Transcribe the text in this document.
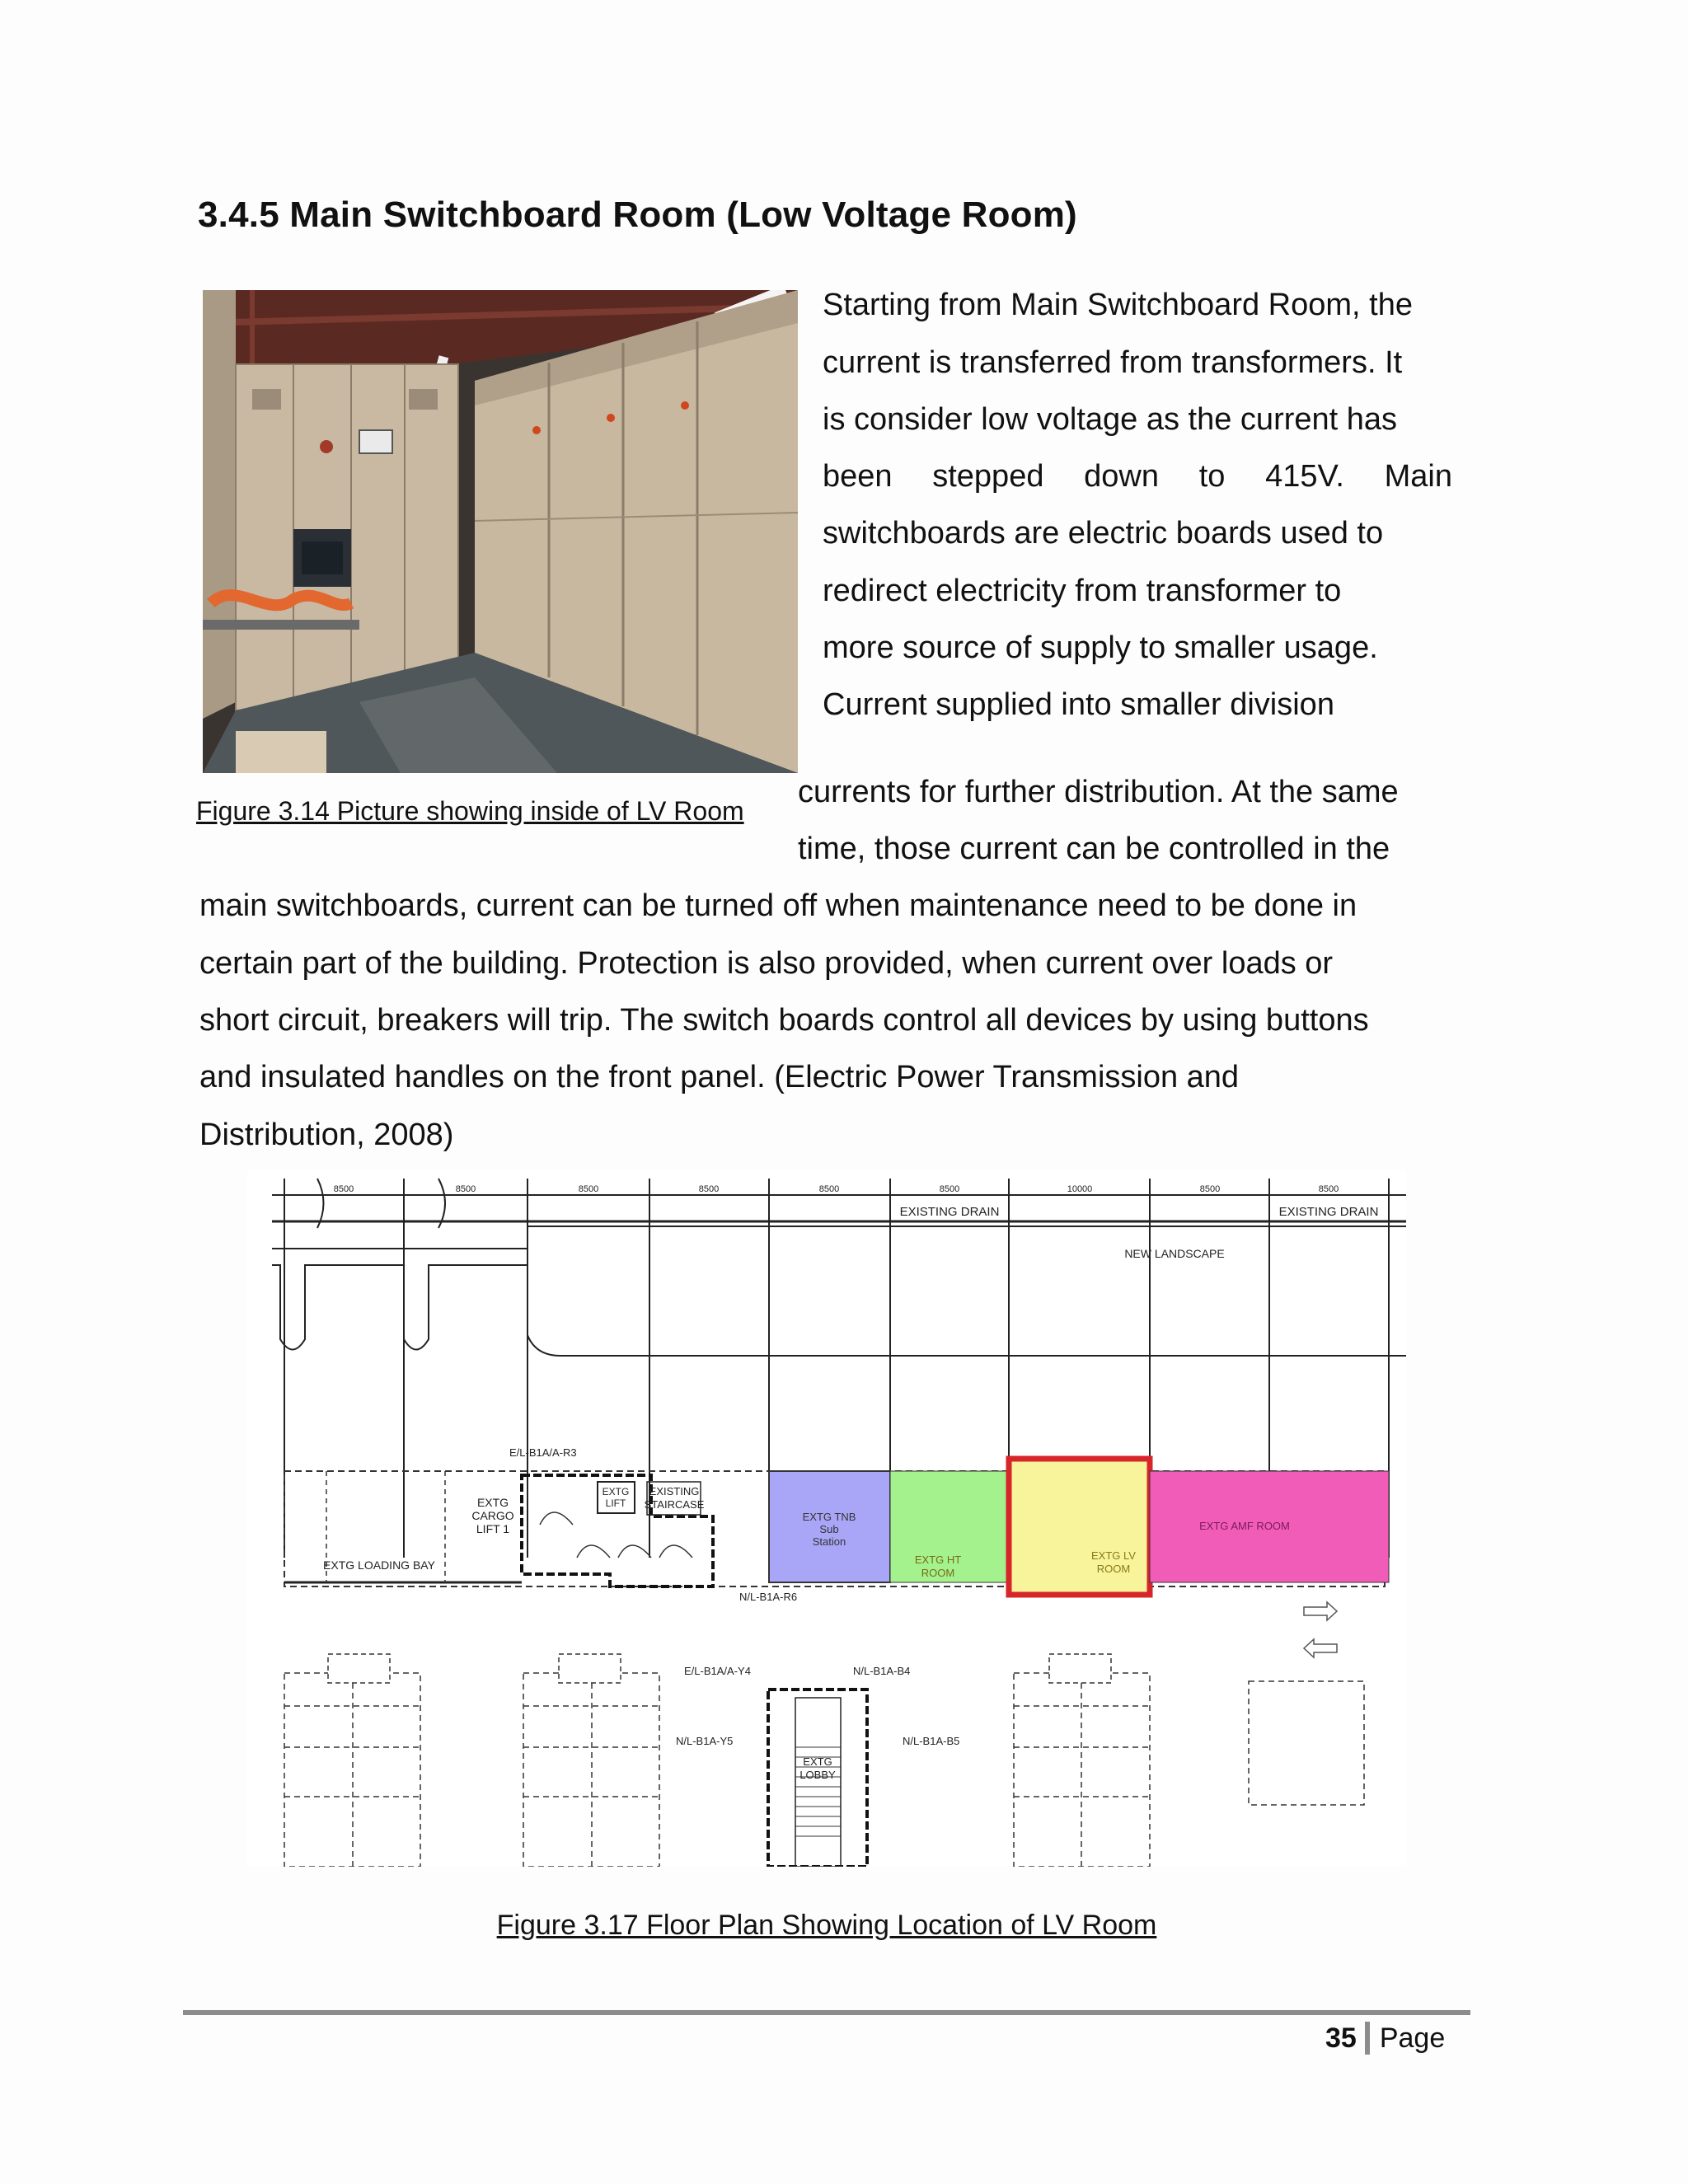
3.4.5 Main Switchboard Room (Low Voltage Room)
Figure 3.14 Picture showing inside of LV Room
Starting from Main Switchboard Room, the
current is transferred from transformers. It
is consider low voltage as the current has
been stepped down to 415V. Main
switchboards are electric boards used to
redirect electricity from transformer to
more source of supply to smaller usage.
Current supplied into smaller division
currents for further distribution. At the same
time, those current can be controlled in the
main switchboards, current can be turned off when maintenance need to be done in
certain part of the building. Protection is also provided, when current over loads or
short circuit, breakers will trip. The switch boards control all devices by using buttons
and insulated handles on the front panel. (Electric Power Transmission and
Distribution, 2008)
8500	8500	8500	8500	8500	8500	10000	8500	8500
EXISTING DRAIN	EXISTING DRAIN
NEW LANDSCAPE
EXTG LOADING BAY
EXTG
CARGO
LIFT 1
EXTG
LIFT
EXISTING
STAIRCASE
E/L-B1A/A-R3
N/L-B1A-R6
EXTG TNB
Sub
Station
EXTG HT
ROOM
EXTG LV
ROOM
EXTG AMF ROOM
EXTG
LOBBY
E/L-B1A/A-Y4	N/L-B1A-B4
N/L-B1A-Y5	N/L-B1A-B5
Figure 3.17 Floor Plan Showing Location of LV Room
35 Page
